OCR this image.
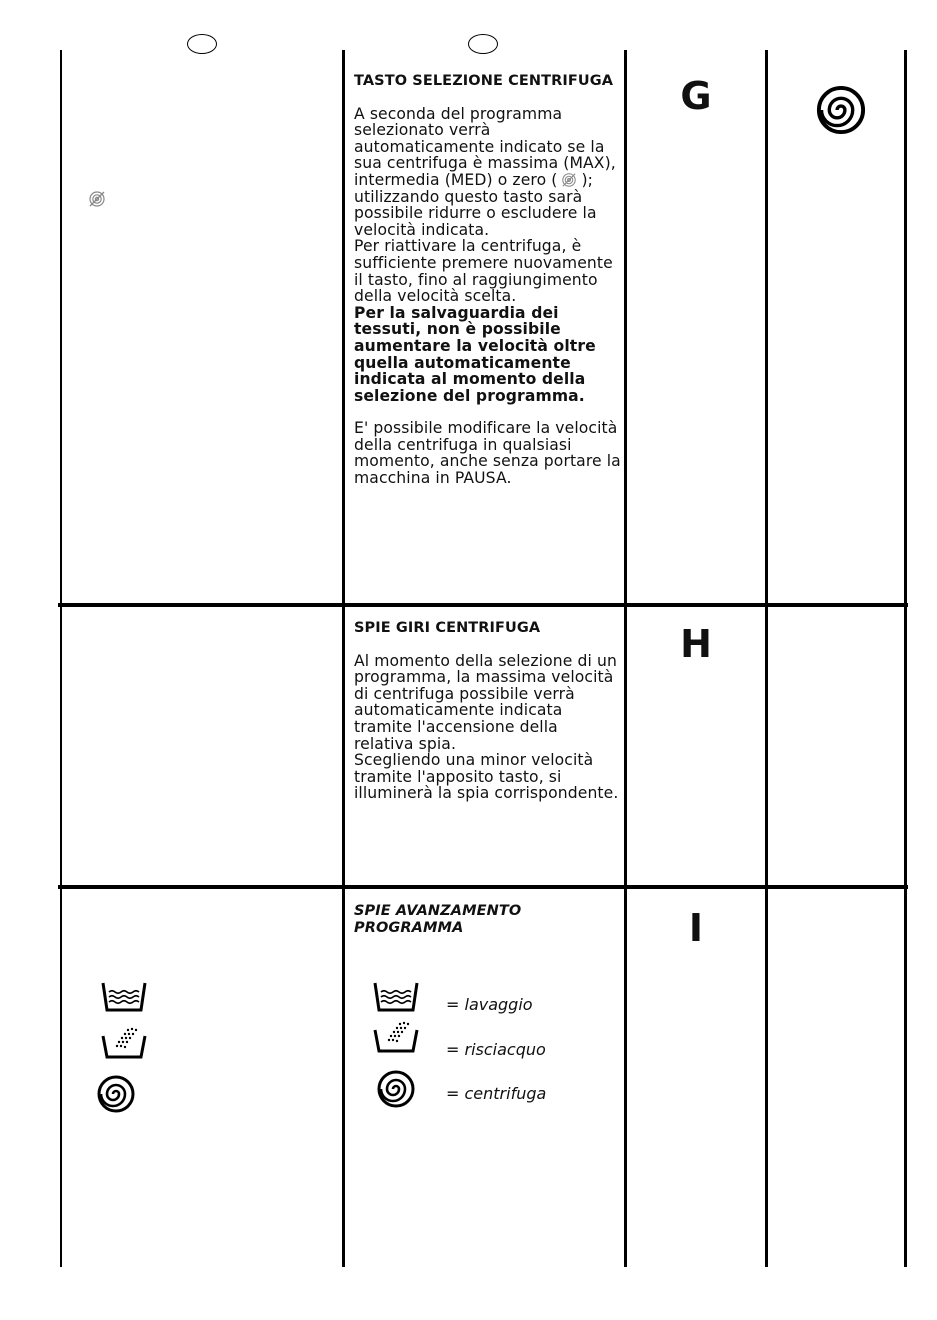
TASTO SELEZIONE CENTRIFUGA
A seconda del programma selezionato verrà automaticamente indicato se la sua centrifuga è massima (MAX), intermedia (MED) o zero ( ); utilizzando questo tasto sarà possibile ridurre o escludere la velocità indicata.
Per riattivare la centrifuga, è sufficiente premere nuovamente il tasto, fino al raggiungimento della velocità scelta.
Per la salvaguardia dei tessuti, non è possibile aumentare la velocità oltre quella automaticamente indicata al momento della selezione del programma.
E' possibile modificare la velocità della centrifuga in qualsiasi momento, anche senza portare la macchina in PAUSA.
G
SPIE GIRI CENTRIFUGA
Al momento della selezione di un programma, la massima velocità di centrifuga possibile verrà automaticamente indicata tramite l'accensione della relativa spia.
Scegliendo una minor velocità tramite l'apposito tasto, si illuminerà la spia corrispondente.
H
SPIE AVANZAMENTO
PROGRAMMA	I
= lavaggio
= risciacquo
= centrifuga
